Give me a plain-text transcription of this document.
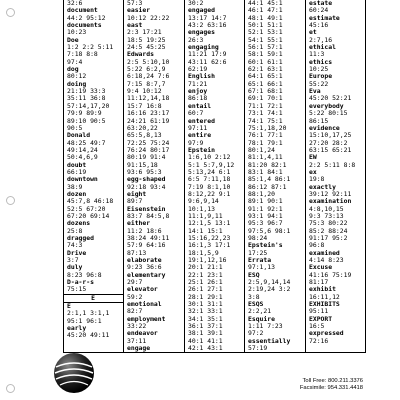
32:6
document
44:2 95:12
documents
10:23
Doe
1:2 2:2 5:11
7:18 8:8
97:4
dog
80:12
doing
21:19 33:3
35:11 36:8
57:14,17,20
79:9 89:9
89:10 90:5
90:5
Donald
48:25 49:7
49:14,24
50:4,6,9
doubt
66:19
downtown
38:9
dozen
45:7,8 46:18
52:5 67:20
67:20 69:14
dozens
25:8
dragged
74:3
Drive
3:7
duly
8:23 96:8
D-a-r-s
75:15
E
E
2:1,1 3:1,1
95:1 96:1
early
45:20 49:11
57:3
easier
10:12 22:22
east
2:3 17:21
18:5 19:25
24:5 45:25
Edwards
2:5 5:10,10
5:22 6:2,9
6:18,24 7:6
7:15 8:7,7
9:4 10:12
11:12,14,18
15:7 16:8
16:16 23:17
24:21 61:19
63:20,22
65:5,8,13
72:25 75:24
76:24 80:17
80:19 91:4
91:15,18
93:6 95:3
egg-shaped
92:18 93:4
eight
89:7
Eisenstein
83:7 84:5,8
either
11:2 18:6
38:24 49:11
57:9 64:16
87:13
elaborate
9:23 36:6
elementary
29:7
elevator
59:2
emotional
82:7
employment
33:22
endeavor
37:11
engage
30:2
engaged
13:17 14:7
43:2 63:16
engages
26:3
engaging
11:21 17:9
43:11 62:6
62:19
English
71:21
enjoy
86:18
entail
60:7
entered
97:11
entire
97:9
Epstein
1:6,10 2:12
5:1 5:7,9,12
5:13,24 6:1
6:5 7:11,18
7:19 8:1,10
8:12,22 9:1
9:6,9,14
10:1,13
11:1,9,11
12:1,5 13:1
14:1 15:1
15:16,22,23
16:1,3 17:1
18:1,5,9
19:1,12,16
20:1 21:1
22:1 23:1
25:1 26:1
26:1 27:1
28:1 29:1
30:1 31:1
32:1 33:1
34:1 35:1
36:1 37:1
38:1 39:1
40:1 41:1
42:1 43:1
44:1 45:1
46:1 47:1
48:1 49:1
50:1 51:1
52:1 53:1
54:1 55:1
56:1 57:1
58:1 59:1
60:1 61:1
62:1 63:1
64:1 65:1
65:1 66:1
67:1 68:1
69:1 70:1
71:1 72:1
73:1 74:1
74:1 75:1
75:1,18,20
76:1 77:1
78:1 79:1
80:1,24
81:1,4,11
81:20 82:1
83:1 84:1
85:1,4 86:1
86:12 87:1
88:1,20
89:1 90:1
91:1 92:1
93:1 94:1
95:3 96:7
97:5,6 98:1
98:24
Epstein's
17:25
Errata
97:1,13
ESQ
2:5,9,14,14
2:19,24 3:2
3:8
ESQS
2:2,21
Esquire
1:11 7:23
97:2
essentially
57:19
estate
60:24
estimate
45:16
et
2:7,16
ethical
11:3
ethics
10:25
Europe
55:22
Eva
45:20 52:21
everybody
5:22 80:15
86:15
evidence
15:10,17,25
27:20 28:2
63:15 65:21
EW
2:2 5:11 8:8
ex
19:8
exactly
39:12 92:11
examination
4:8,10,15
9:3 73:13
75:3 80:22
85:2 88:24
91:17 95:2
96:8
examined
4:14 8:23
Excuse
41:16 75:19
81:17
exhibit
16:11,12
EXHIBITS
95:11
EXPORT
16:5
expressed
72:16
Toll Free: 800.211.3376
Facsimile: 954.331.4418
